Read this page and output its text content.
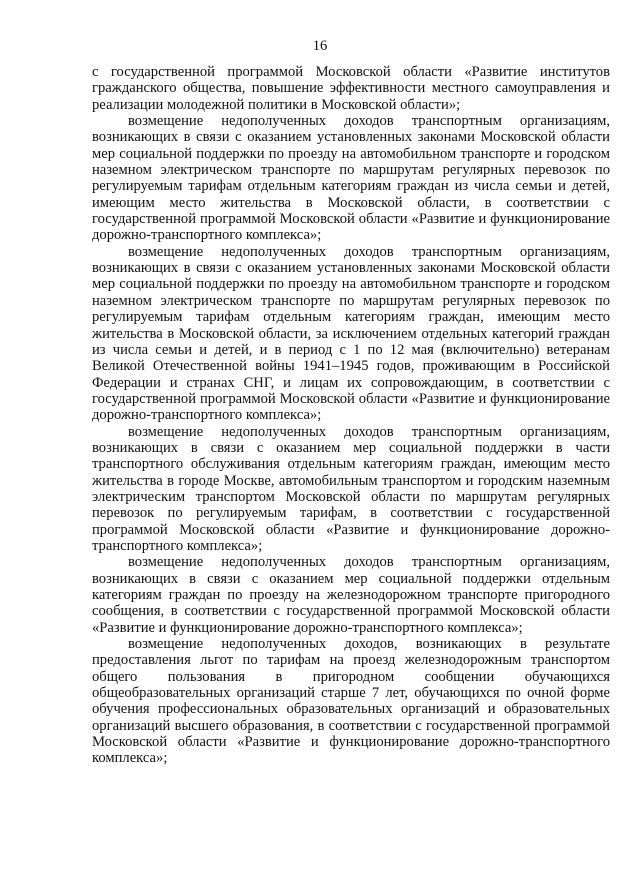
16

с государственной программой Московской области «Развитие институтов гражданского общества, повышение эффективности местного самоуправления и реализации молодежной политики в Московской области»;

возмещение недополученных доходов транспортным организациям, возникающих в связи с оказанием установленных законами Московской области мер социальной поддержки по проезду на автомобильном транспорте и городском наземном электрическом транспорте по маршрутам регулярных перевозок по регулируемым тарифам отдельным категориям граждан из числа семьи и детей, имеющим место жительства в Московской области, в соответствии с государственной программой Московской области «Развитие и функционирование дорожно-транспортного комплекса»;

возмещение недополученных доходов транспортным организациям, возникающих в связи с оказанием установленных законами Московской области мер социальной поддержки по проезду на автомобильном транспорте и городском наземном электрическом транспорте по маршрутам регулярных перевозок по регулируемым тарифам отдельным категориям граждан, имеющим место жительства в Московской области, за исключением отдельных категорий граждан из числа семьи и детей, и в период с 1 по 12 мая (включительно) ветеранам Великой Отечественной войны 1941–1945 годов, проживающим в Российской Федерации и странах СНГ, и лицам их сопровождающим, в соответствии с государственной программой Московской области «Развитие и функционирование дорожно-транспортного комплекса»;

возмещение недополученных доходов транспортным организациям, возникающих в связи с оказанием мер социальной поддержки в части транспортного обслуживания отдельным категориям граждан, имеющим место жительства в городе Москве, автомобильным транспортом и городским наземным электрическим транспортом Московской области по маршрутам регулярных перевозок по регулируемым тарифам, в соответствии с государственной программой Московской области «Развитие и функционирование дорожно-транспортного комплекса»;

возмещение недополученных доходов транспортным организациям, возникающих в связи с оказанием мер социальной поддержки отдельным категориям граждан по проезду на железнодорожном транспорте пригородного сообщения, в соответствии с государственной программой Московской области «Развитие и функционирование дорожно-транспортного комплекса»;

возмещение недополученных доходов, возникающих в результате предоставления льгот по тарифам на проезд железнодорожным транспортом общего пользования в пригородном сообщении обучающихся общеобразовательных организаций старше 7 лет, обучающихся по очной форме обучения профессиональных образовательных организаций и образовательных организаций высшего образования, в соответствии с государственной программой Московской области «Развитие и функционирование дорожно-транспортного комплекса»;
